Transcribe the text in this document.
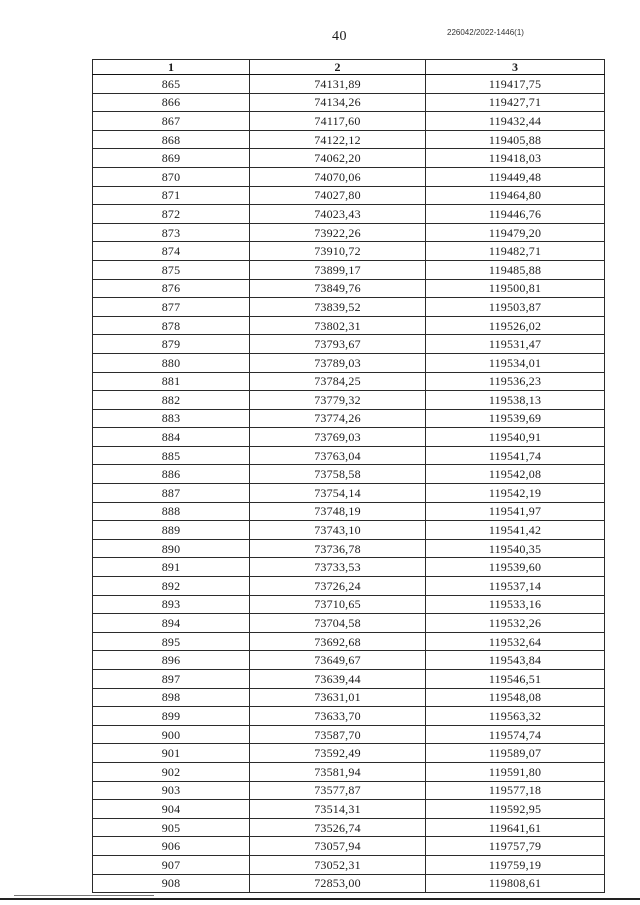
40	226042/2022-1446(1)
1	2	3
865	74131,89	119417,75
866	74134,26	119427,71
867	74117,60	119432,44
868	74122,12	119405,88
869	74062,20	119418,03
870	74070,06	119449,48
871	74027,80	119464,80
872	74023,43	119446,76
873	73922,26	119479,20
874	73910,72	119482,71
875	73899,17	119485,88
876	73849,76	119500,81
877	73839,52	119503,87
878	73802,31	119526,02
879	73793,67	119531,47
880	73789,03	119534,01
881	73784,25	119536,23
882	73779,32	119538,13
883	73774,26	119539,69
884	73769,03	119540,91
885	73763,04	119541,74
886	73758,58	119542,08
887	73754,14	119542,19
888	73748,19	119541,97
889	73743,10	119541,42
890	73736,78	119540,35
891	73733,53	119539,60
892	73726,24	119537,14
893	73710,65	119533,16
894	73704,58	119532,26
895	73692,68	119532,64
896	73649,67	119543,84
897	73639,44	119546,51
898	73631,01	119548,08
899	73633,70	119563,32
900	73587,70	119574,74
901	73592,49	119589,07
902	73581,94	119591,80
903	73577,87	119577,18
904	73514,31	119592,95
905	73526,74	119641,61
906	73057,94	119757,79
907	73052,31	119759,19
908	72853,00	119808,61
